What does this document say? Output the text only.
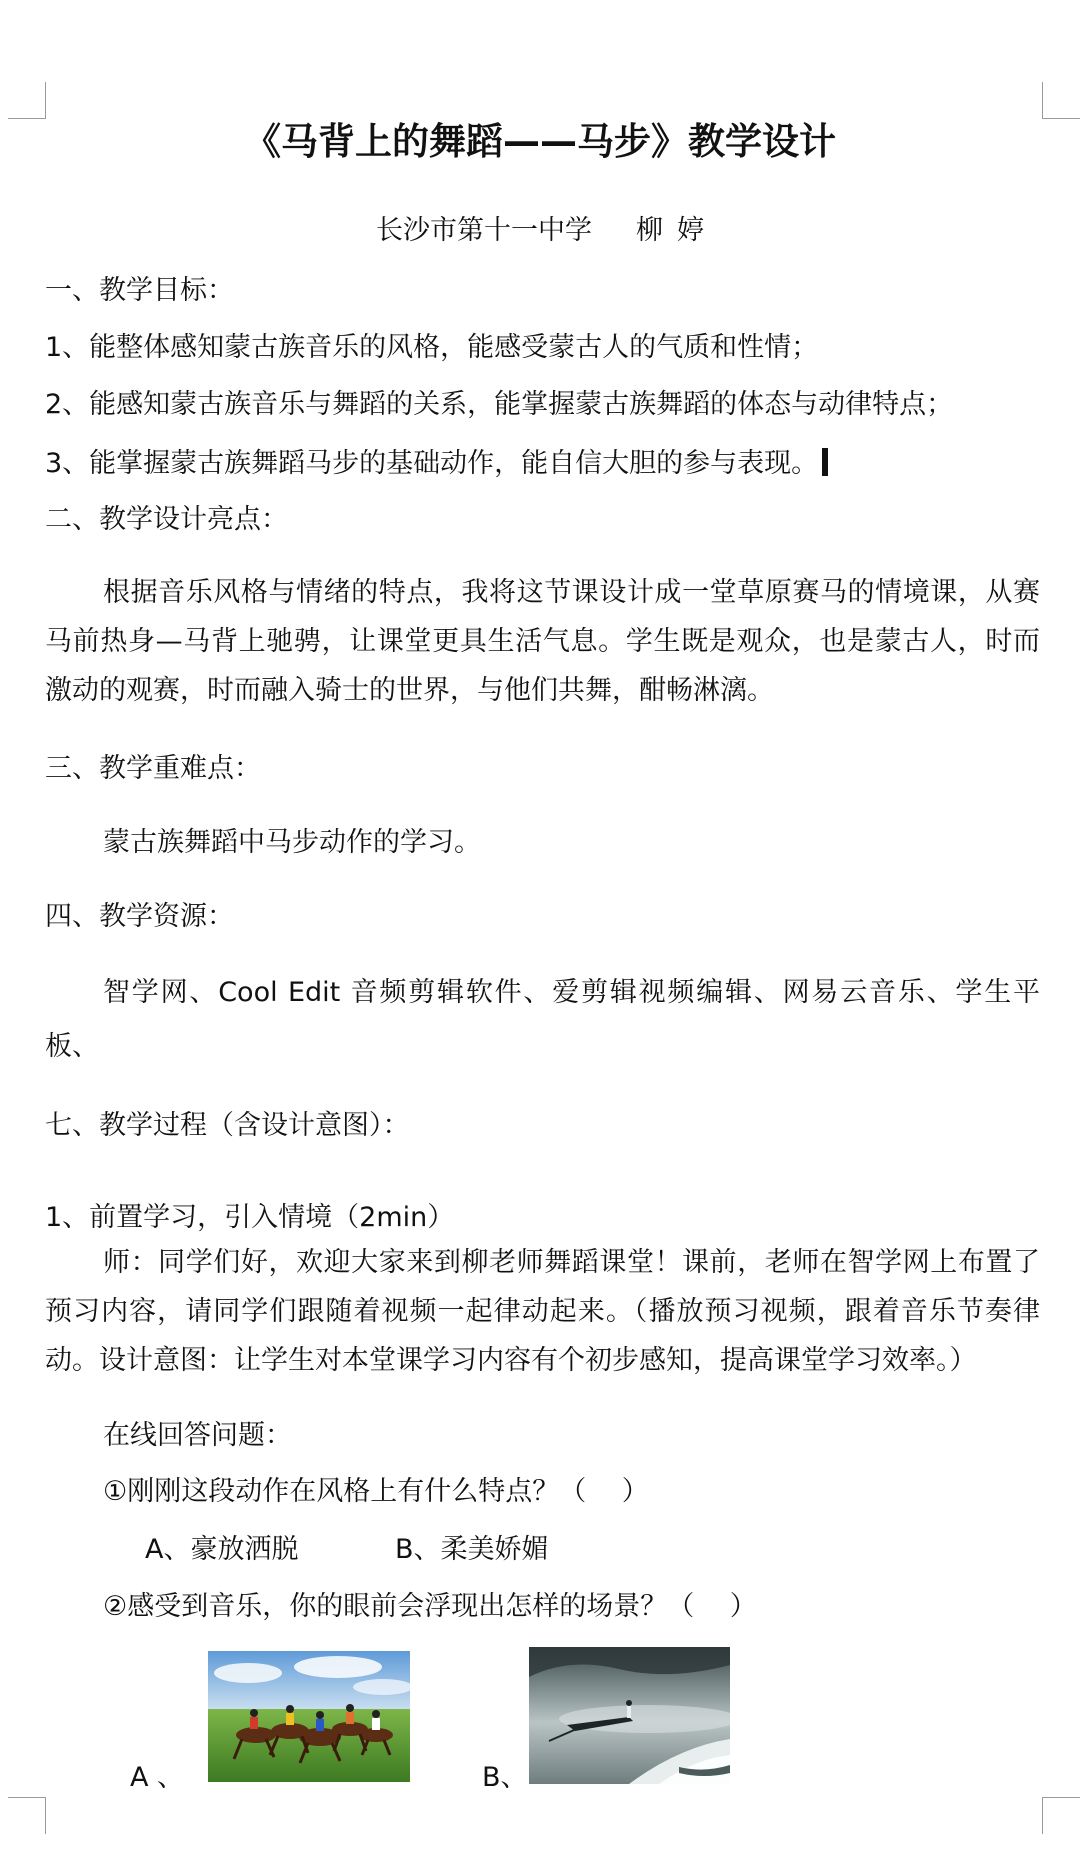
《马背上的舞蹈——马步》教学设计
长沙市第十一中学 柳 婷
一、教学目标：
1、能整体感知蒙古族音乐的风格，能感受蒙古人的气质和性情；
2、能感知蒙古族音乐与舞蹈的关系，能掌握蒙古族舞蹈的体态与动律特点；
3、能掌握蒙古族舞蹈马步的基础动作，能自信大胆的参与表现。
二、教学设计亮点：
根据音乐风格与情绪的特点，我将这节课设计成一堂草原赛马的情境课，从赛马前热身—马背上驰骋，让课堂更具生活气息。学生既是观众，也是蒙古人，时而激动的观赛，时而融入骑士的世界，与他们共舞，酣畅淋漓。
三、教学重难点：
蒙古族舞蹈中马步动作的学习。
四、教学资源：
智学网、Cool Edit 音频剪辑软件、爱剪辑视频编辑、网易云音乐、学生平板、
七、教学过程（含设计意图）：
1、前置学习，引入情境（2min）
师：同学们好，欢迎大家来到柳老师舞蹈课堂！课前，老师在智学网上布置了预习内容，请同学们跟随着视频一起律动起来。（播放预习视频，跟着音乐节奏律动。设计意图：让学生对本堂课学习内容有个初步感知，提高课堂学习效率。）
在线回答问题：
①刚刚这段动作在风格上有什么特点？（　 ）
A、豪放洒脱	B、柔美娇媚
②感受到音乐，你的眼前会浮现出怎样的场景？（　 ）
A 、	B、
